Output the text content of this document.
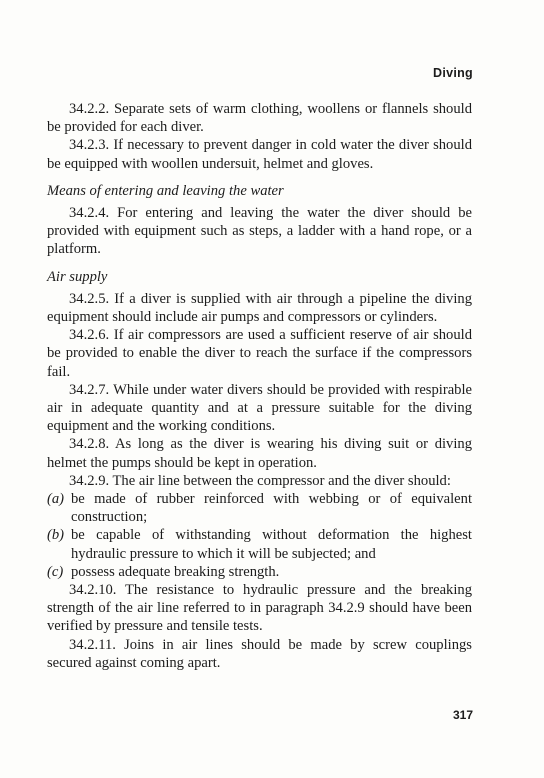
Diving

34.2.2. Separate sets of warm clothing, woollens or flannels should be provided for each diver.

34.2.3. If necessary to prevent danger in cold water the diver should be equipped with woollen undersuit, helmet and gloves.

Means of entering and leaving the water

34.2.4. For entering and leaving the water the diver should be provided with equipment such as steps, a ladder with a hand rope, or a platform.

Air supply

34.2.5. If a diver is supplied with air through a pipeline the diving equipment should include air pumps and compressors or cylinders.

34.2.6. If air compressors are used a sufficient reserve of air should be provided to enable the diver to reach the surface if the compressors fail.

34.2.7. While under water divers should be provided with respirable air in adequate quantity and at a pressure suitable for the diving equipment and the working conditions.

34.2.8. As long as the diver is wearing his diving suit or diving helmet the pumps should be kept in operation.

34.2.9. The air line between the compressor and the diver should:

(a) be made of rubber reinforced with webbing or of equivalent construction;

(b) be capable of withstanding without deformation the highest hydraulic pressure to which it will be subjected; and

(c) possess adequate breaking strength.

34.2.10. The resistance to hydraulic pressure and the breaking strength of the air line referred to in paragraph 34.2.9 should have been verified by pressure and tensile tests.

34.2.11. Joins in air lines should be made by screw couplings secured against coming apart.

317
